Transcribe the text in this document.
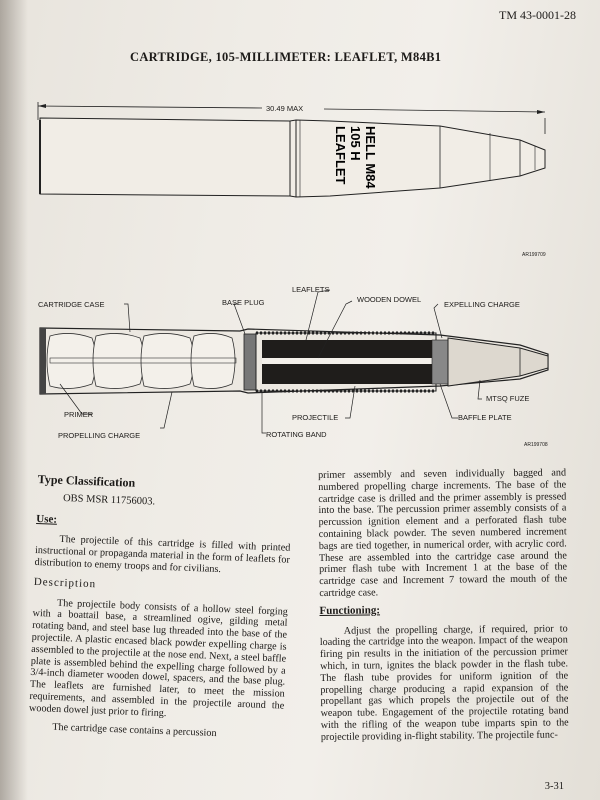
TM 43-0001-28
CARTRIDGE, 105-MILLIMETER: LEAFLET, M84B1
30.49 MAX
LEAFLET 105 H HELL M84
AR199709
CARTRIDGE CASE	BASE PLUG
LEAFLETS
WOODEN DOWEL
EXPELLING CHARGE
PRIMER
PROPELLING CHARGE
PROJECTILE
ROTATING BAND
BAFFLE PLATE
MTSQ FUZE
AR199708
Type Classification
OBS MSR 11756003.
Use:

The projectile of this cartridge is filled with printed instructional or propaganda material in the form of leaflets for distribution to enemy troops and for civilians.

Description

The projectile body consists of a hollow steel forging with a boattail base, a streamlined ogive, gilding metal rotating band, and steel base lug threaded into the base of the projectile. A plastic encased black powder expelling charge is assembled to the projectile at the nose end. Next, a steel baffle plate is assembled behind the expelling charge followed by a 3/4-inch diameter wooden dowel, spacers, and the base plug. The leaflets are furnished later, to meet the mission requirements, and assembled in the projectile around the wooden dowel just prior to firing.

The cartridge case contains a percussion

primer assembly and seven individually bagged and numbered propelling charge increments. The base of the cartridge case is drilled and the primer assembly is pressed into the base. The percussion primer assembly consists of a percussion ignition element and a perforated flash tube containing black powder. The seven numbered increment bags are tied together, in numerical order, with acrylic cord. These are assembled into the cartridge case around the primer flash tube with Increment 1 at the base of the cartridge case and Increment 7 toward the mouth of the cartridge case.

Functioning:

Adjust the propelling charge, if required, prior to loading the cartridge into the weapon. Impact of the weapon firing pin results in the initiation of the percussion primer which, in turn, ignites the black powder in the flash tube. The flash tube provides for uniform ignition of the propelling charge producing a rapid expansion of the propellant gas which propels the projectile out of the weapon tube. Engagement of the projectile rotating band with the rifling of the weapon tube imparts spin to the projectile providing in-flight stability. The projectile func-

3-31
